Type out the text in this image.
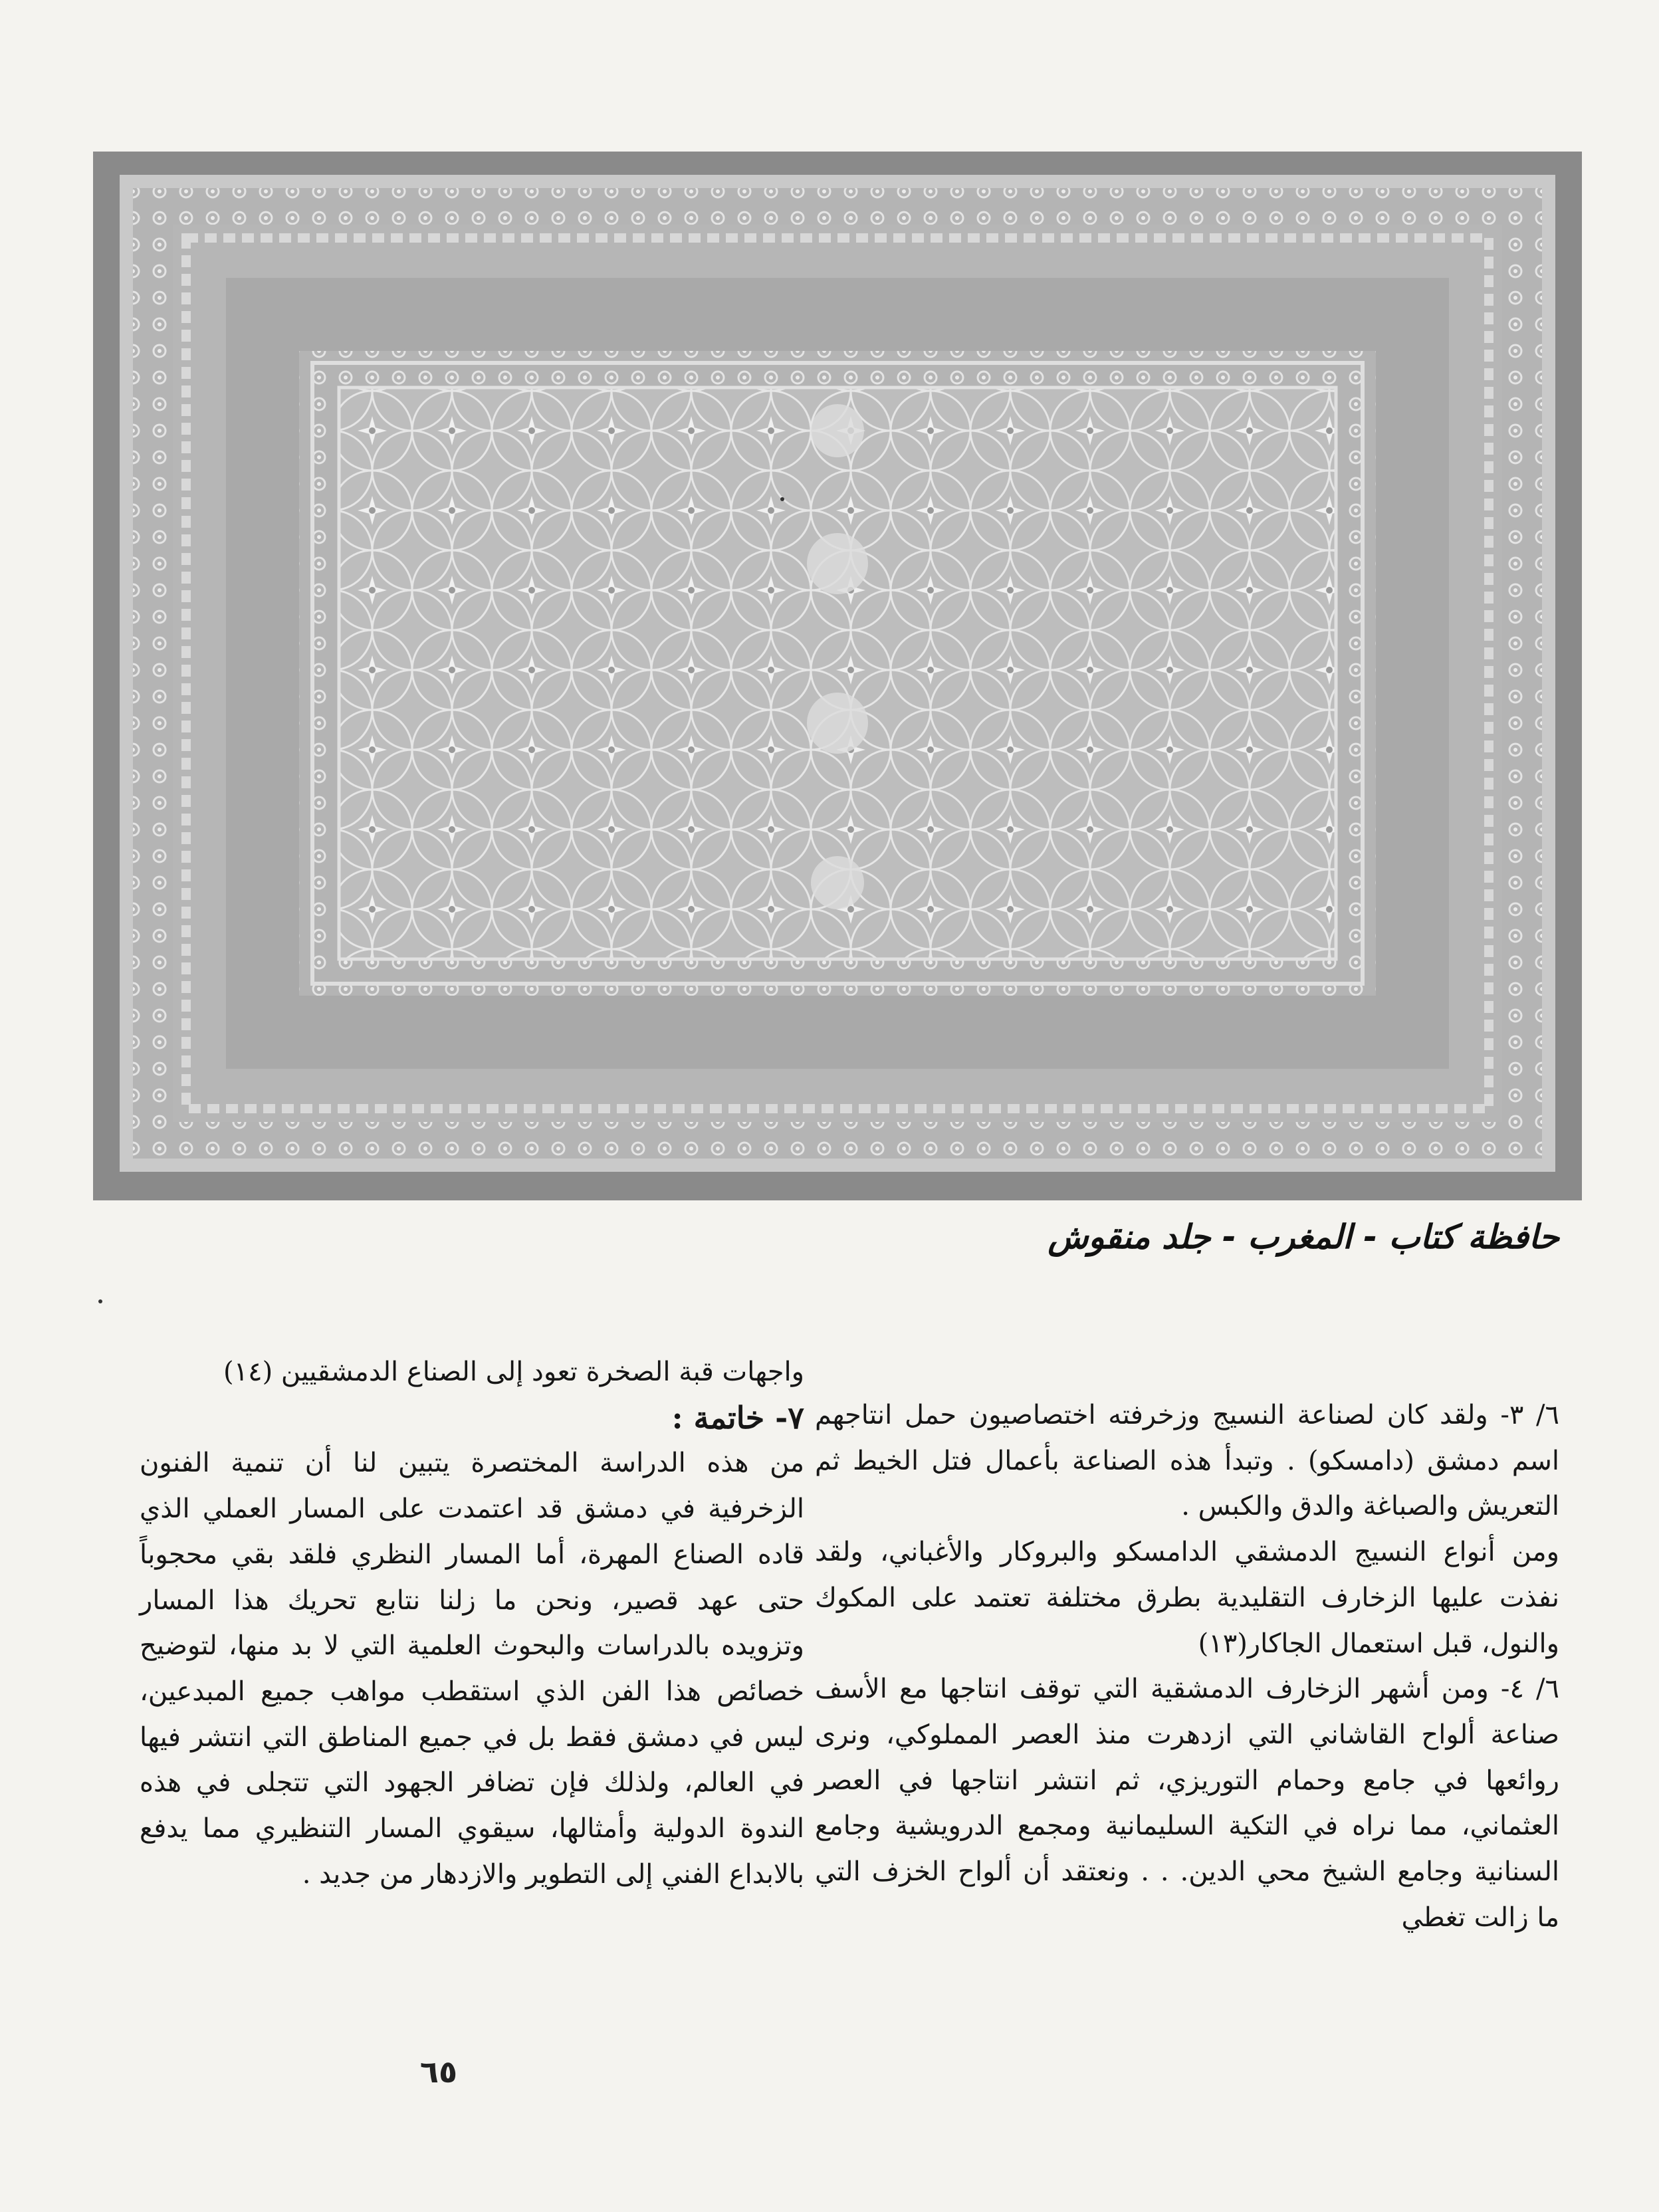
حافظة كتاب - المغرب - جلد منقوش

٦/ ٣- ولقد كان لصناعة النسيج وزخرفته اختصاصيون حمل انتاجهم اسم دمشق (دامسكو) . وتبدأ هذه الصناعة بأعمال فتل الخيط ثم التعريش والصباغة والدق والكبس .

ومن أنواع النسيج الدمشقي الدامسكو والبروكار والأغباني، ولقد نفذت عليها الزخارف التقليدية بطرق مختلفة تعتمد على المكوك والنول، قبل استعمال الجاكار(١٣)

٦/ ٤- ومن أشهر الزخارف الدمشقية التي توقف انتاجها مع الأسف صناعة ألواح القاشاني التي ازدهرت منذ العصر المملوكي، ونرى روائعها في جامع وحمام التوريزي، ثم انتشر انتاجها في العصر العثماني، مما نراه في التكية السليمانية ومجمع الدرويشية وجامع السنانية وجامع الشيخ محي الدين. . . ونعتقد أن ألواح الخزف التي ما زالت تغطي

واجهات قبة الصخرة تعود إلى الصناع الدمشقيين (١٤)

٧- خاتمة :

من هذه الدراسة المختصرة يتبين لنا أن تنمية الفنون الزخرفية في دمشق قد اعتمدت على المسار العملي الذي قاده الصناع المهرة، أما المسار النظري فلقد بقي محجوباً حتى عهد قصير، ونحن ما زلنا نتابع تحريك هذا المسار وتزويده بالدراسات والبحوث العلمية التي لا بد منها، لتوضيح خصائص هذا الفن الذي استقطب مواهب جميع المبدعين، ليس في دمشق فقط بل في جميع المناطق التي انتشر فيها في العالم، ولذلك فإن تضافر الجهود التي تتجلى في هذه الندوة الدولية وأمثالها، سيقوي المسار التنظيري مما يدفع بالابداع الفني إلى التطوير والازدهار من جديد .

٦٥
